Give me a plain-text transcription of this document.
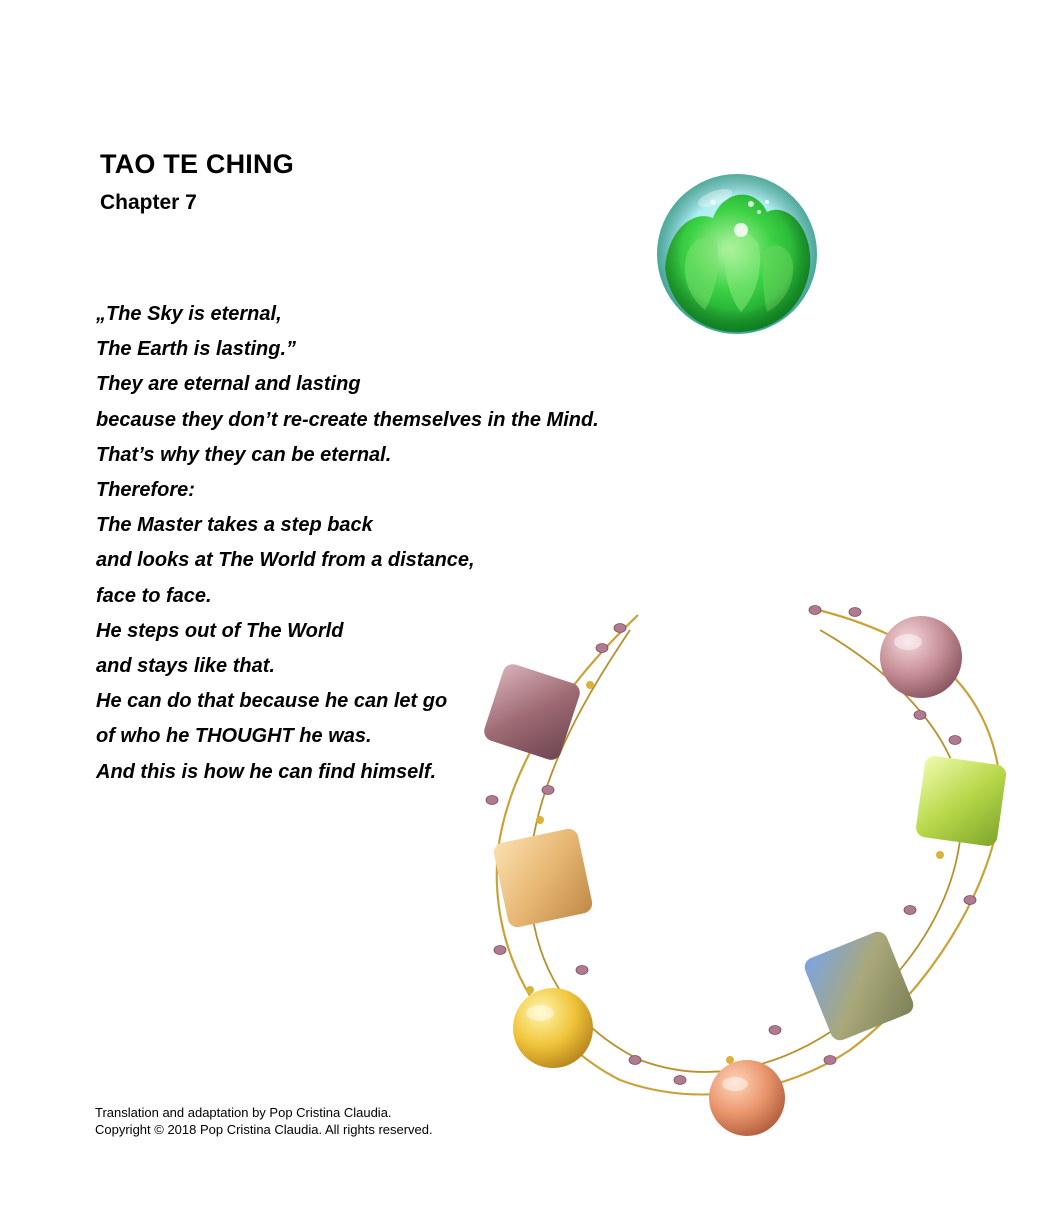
TAO TE CHING
Chapter 7
„The Sky is eternal,
The Earth is lasting.”
They are eternal and lasting
because they don’t re-create themselves in the Mind.
That’s why they can be eternal.
Therefore:
The Master takes a step back
and looks at The World from a distance,
face to face.
He steps out of The World
and stays like that.
He can do that because he can let go
of who he THOUGHT he was.
And this is how he can find himself.
Translation and adaptation by Pop Cristina Claudia.
Copyright © 2018 Pop Cristina Claudia. All rights reserved.
